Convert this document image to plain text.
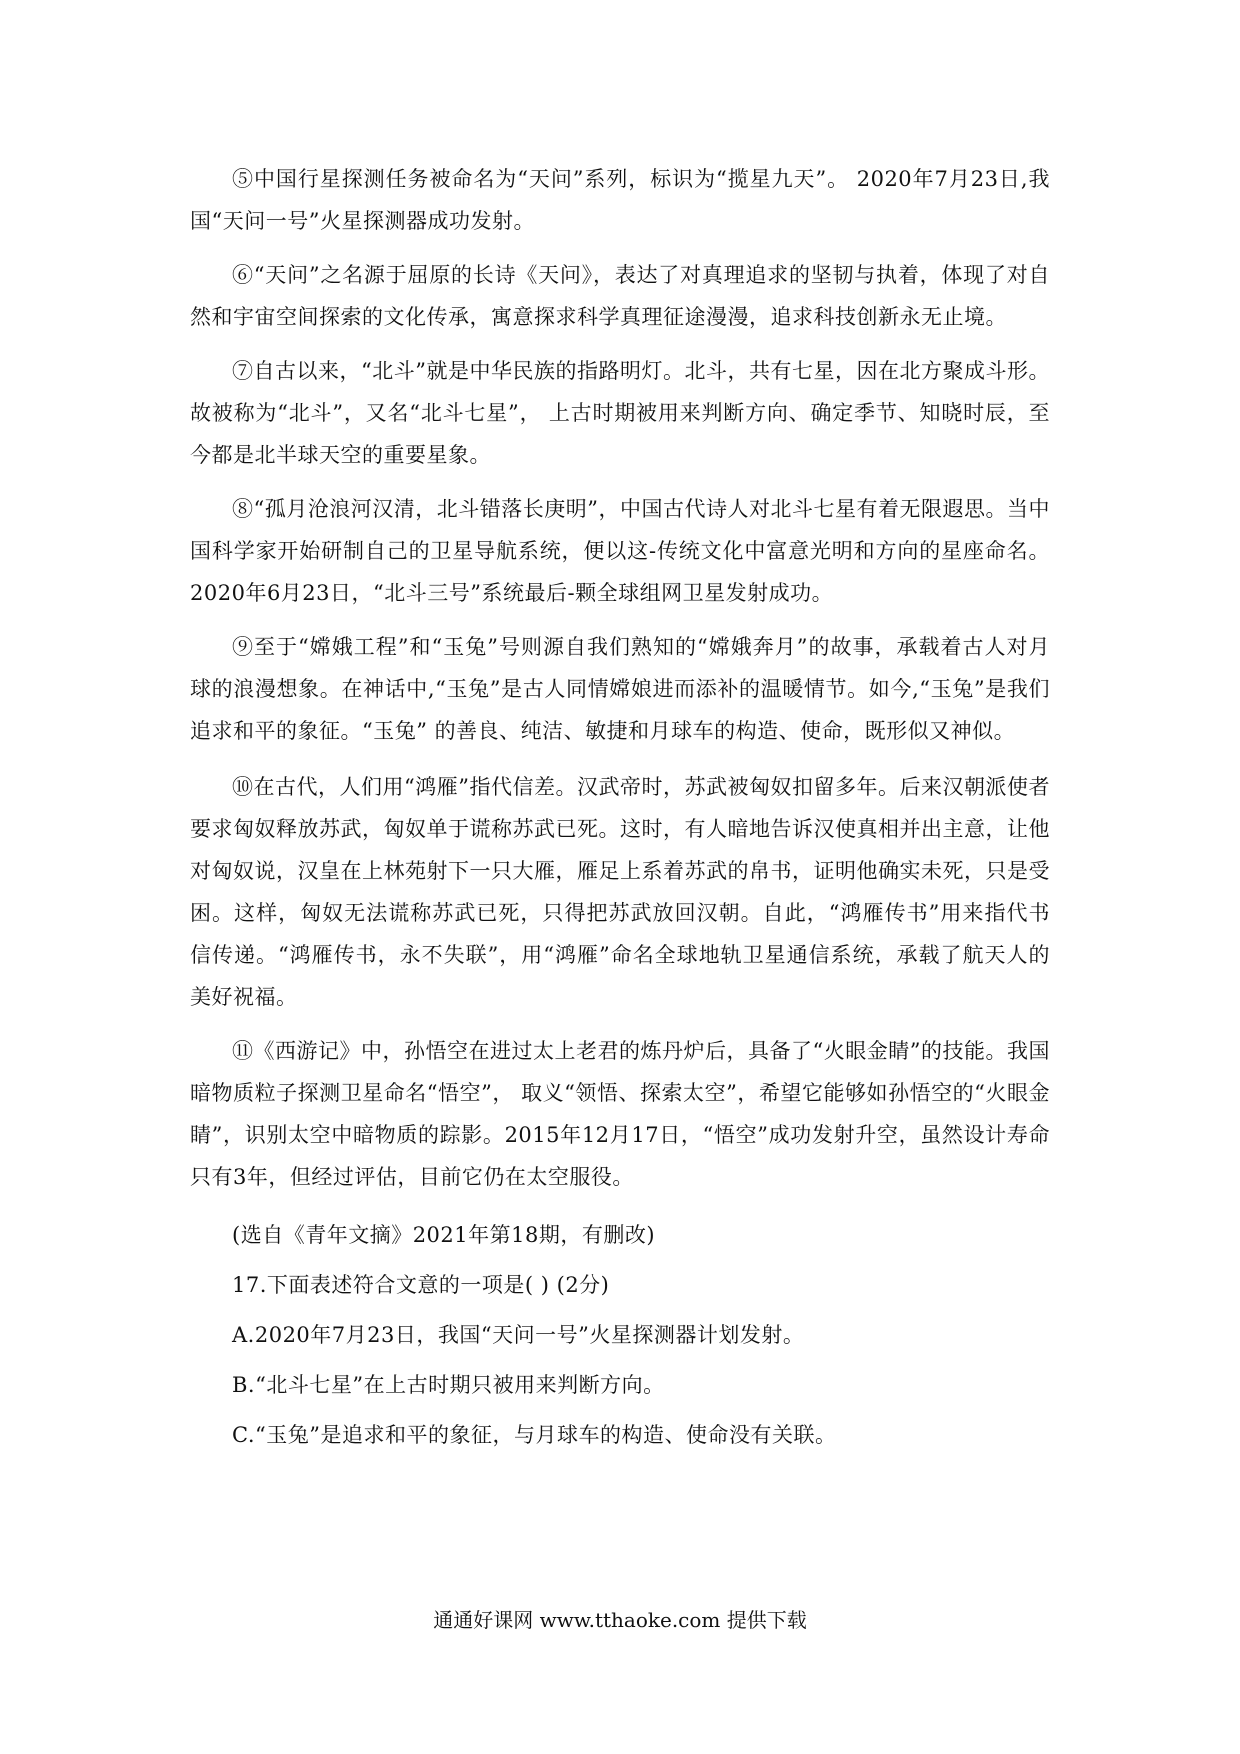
⑤中国行星探测任务被命名为“天问”系列，标识为“揽星九天”。 2020年7月23日,我国“天问一号”火星探测器成功发射。

⑥“天问”之名源于屈原的长诗《天问》，表达了对真理追求的坚韧与执着，体现了对自然和宇宙空间探索的文化传承，寓意探求科学真理征途漫漫，追求科技创新永无止境。

⑦自古以来，“北斗”就是中华民族的指路明灯。北斗，共有七星，因在北方聚成斗形。故被称为“北斗”，又名“北斗七星”， 上古时期被用来判断方向、确定季节、知晓时辰，至今都是北半球天空的重要星象。

⑧“孤月沧浪河汉清，北斗错落长庚明”，中国古代诗人对北斗七星有着无限遐思。当中国科学家开始研制自己的卫星导航系统，便以这-传统文化中富意光明和方向的星座命名。2020年6月23日，“北斗三号”系统最后-颗全球组网卫星发射成功。

⑨至于“嫦娥工程”和“玉兔”号则源自我们熟知的“嫦娥奔月”的故事，承载着古人对月球的浪漫想象。在神话中,“玉兔”是古人同情嫦娘进而添补的温暖情节。如今,“玉兔”是我们追求和平的象征。“玉兔” 的善良、纯洁、敏捷和月球车的构造、使命，既形似又神似。

⑩在古代，人们用“鸿雁”指代信差。汉武帝时，苏武被匈奴扣留多年。后来汉朝派使者要求匈奴释放苏武，匈奴单于谎称苏武已死。这时，有人暗地告诉汉使真相并出主意，让他对匈奴说，汉皇在上林苑射下一只大雁，雁足上系着苏武的帛书，证明他确实未死，只是受困。这样，匈奴无法谎称苏武已死，只得把苏武放回汉朝。自此，“鸿雁传书”用来指代书信传递。“鸿雁传书，永不失联”，用“鸿雁”命名全球地轨卫星通信系统，承载了航天人的美好祝福。

⑪《西游记》中，孙悟空在进过太上老君的炼丹炉后，具备了“火眼金睛”的技能。我国暗物质粒子探测卫星命名“悟空”， 取义“领悟、探索太空”，希望它能够如孙悟空的“火眼金睛”，识别太空中暗物质的踪影。2015年12月17日，“悟空”成功发射升空，虽然设计寿命只有3年，但经过评估，目前它仍在太空服役。

(选自《青年文摘》2021年第18期，有删改)

17.下面表述符合文意的一项是( ) (2分)

A.2020年7月23日，我国“天问一号”火星探测器计划发射。

B.“北斗七星”在上古时期只被用来判断方向。

C.“玉兔”是追求和平的象征，与月球车的构造、使命没有关联。

通通好课网 www.tthaoke.com 提供下载
